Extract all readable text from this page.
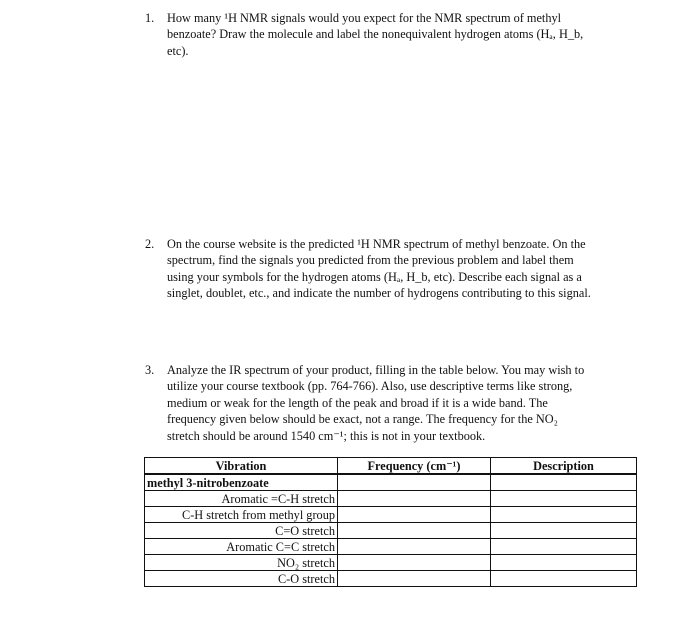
1. How many ¹H NMR signals would you expect for the NMR spectrum of methyl

benzoate? Draw the molecule and label the nonequivalent hydrogen atoms (Hₐ, H_b,

etc).

2. On the course website is the predicted ¹H NMR spectrum of methyl benzoate. On the

spectrum, find the signals you predicted from the previous problem and label them

using your symbols for the hydrogen atoms (Hₐ, H_b, etc). Describe each signal as a

singlet, doublet, etc., and indicate the number of hydrogens contributing to this signal.

3. Analyze the IR spectrum of your product, filling in the table below. You may wish to

utilize your course textbook (pp. 764-766). Also, use descriptive terms like strong,

medium or weak for the length of the peak and broad if it is a wide band. The

frequency given below should be exact, not a range. The frequency for the NO₂

stretch should be around 1540 cm⁻¹; this is not in your textbook.

Vibration	Frequency (cm⁻¹)	Description
methyl 3-nitrobenzoate		
Aromatic =C-H stretch		
C-H stretch from methyl group		
C=O stretch		
Aromatic C=C stretch		
NO₂ stretch		
C-O stretch		
